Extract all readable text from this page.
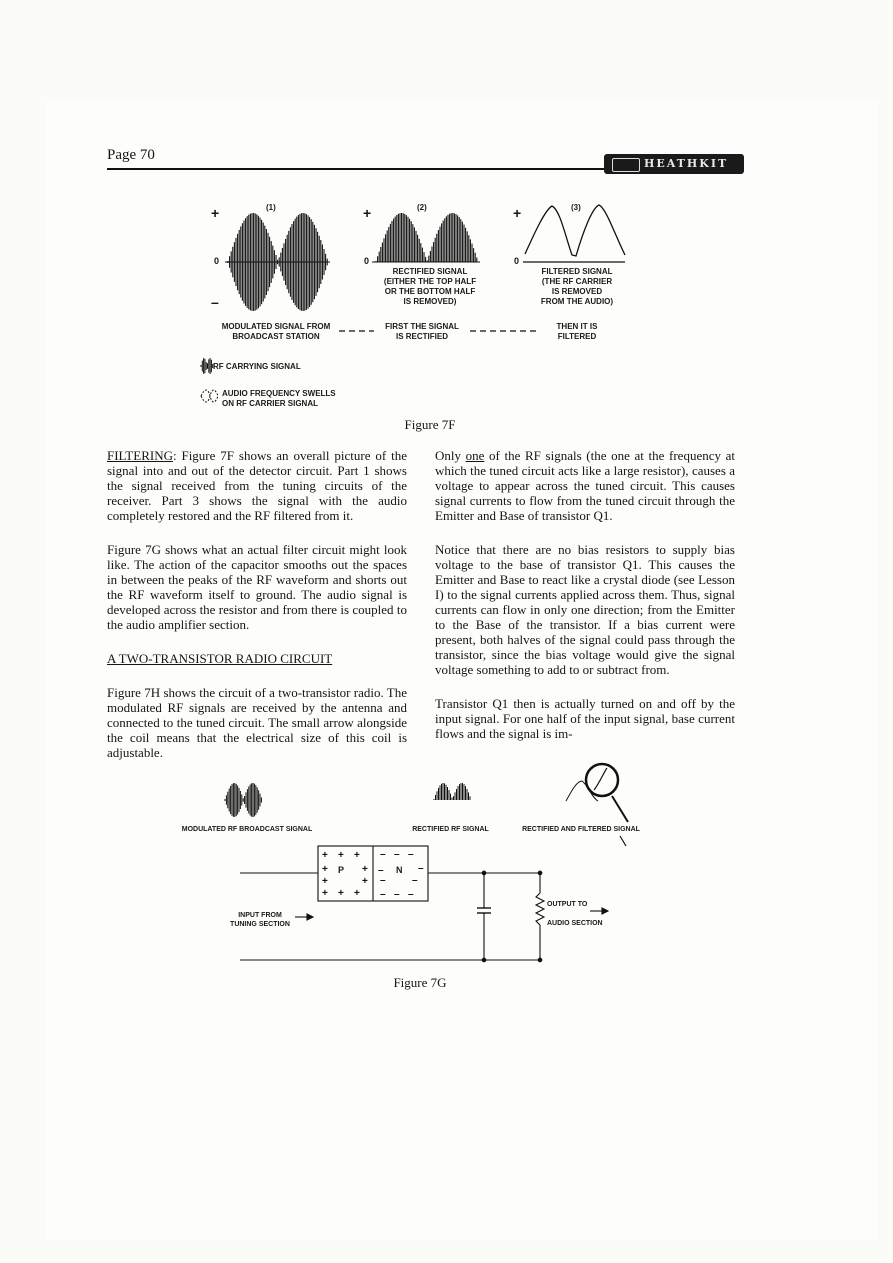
Page 70
HEATHKIT
+ + +
+	+
+	+
+ + +
– – –
–	–
–	–
– – –
(1)
+
0
–
MODULATED SIGNAL FROM
BROADCAST STATION
(2)
+
0
RECTIFIED SIGNAL
(EITHER THE TOP HALF
OR THE BOTTOM HALF
IS REMOVED)
FIRST THE SIGNAL
IS RECTIFIED
(3)
+
0
FILTERED SIGNAL
(THE RF CARRIER
IS REMOVED
FROM THE AUDIO)
THEN IT IS
FILTERED
RF CARRYING SIGNAL
AUDIO FREQUENCY SWELLS
ON RF CARRIER SIGNAL
Figure 7F

FILTERING: Figure 7F shows an overall picture of the signal into and out of the detector circuit. Part 1 shows the signal received from the tuning circuits of the receiver. Part 3 shows the signal with the audio completely restored and the RF filtered from it.

Figure 7G shows what an actual filter circuit might look like. The action of the capacitor smooths out the spaces in between the peaks of the RF waveform and shorts out the RF waveform itself to ground. The audio signal is developed across the resistor and from there is coupled to the audio amplifier section.

A TWO-TRANSISTOR RADIO CIRCUIT

Figure 7H shows the circuit of a two-transistor radio. The modulated RF signals are received by the antenna and connected to the tuned circuit. The small arrow alongside the coil means that the electrical size of this coil is adjustable.

Only one of the RF signals (the one at the frequency at which the tuned circuit acts like a large resistor), causes a voltage to appear across the tuned circuit. This causes signal currents to flow from the tuned circuit through the Emitter and Base of transistor Q1.

Notice that there are no bias resistors to supply bias voltage to the base of transistor Q1. This causes the Emitter and Base to react like a crystal diode (see Lesson I) to the signal currents applied across them. Thus, signal currents can flow in only one direction; from the Emitter to the Base of the transistor. If a bias current were present, both halves of the signal could pass through the transistor, since the bias voltage would give the signal voltage something to add to or subtract from.

Transistor Q1 then is actually turned on and off by the input signal. For one half of the input signal, base current flows and the signal is im-

MODULATED RF BROADCAST SIGNAL	RECTIFIED RF SIGNAL	RECTIFIED AND FILTERED SIGNAL
P	N
INPUT FROM
TUNING SECTION
OUTPUT TO
AUDIO SECTION
Figure 7G
